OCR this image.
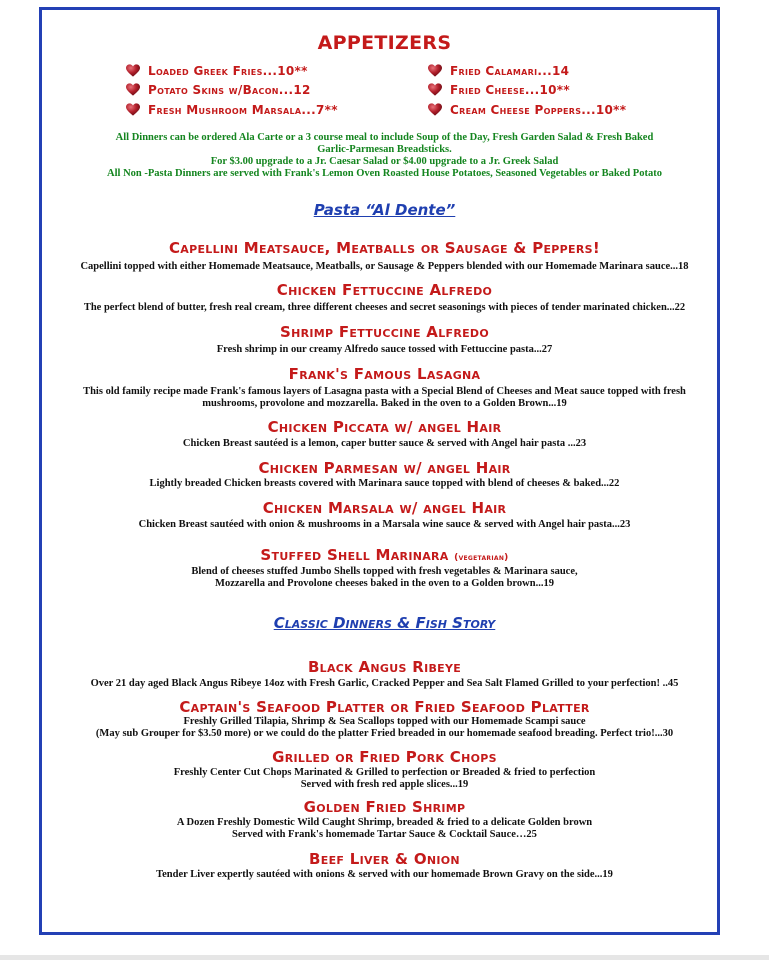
APPETIZERS
Loaded Greek Fries...10**
Potato Skins w/Bacon...12
Fresh Mushroom Marsala...7**
Fried Calamari...14
Fried Cheese...10**
Cream Cheese Poppers...10**
All Dinners can be ordered Ala Carte or a 3 course meal to include Soup of the Day, Fresh Garden Salad & Fresh Baked
Garlic-Parmesan Breadsticks.
For $3.00 upgrade to a Jr. Caesar Salad or $4.00 upgrade to a Jr. Greek Salad
All Non -Pasta Dinners are served with Frank's Lemon Oven Roasted House Potatoes, Seasoned Vegetables or Baked Potato
Pasta “Al Dente”
Capellini Meatsauce, Meatballs or Sausage & Peppers!
Capellini topped with either Homemade Meatsauce, Meatballs, or Sausage & Peppers blended with our Homemade Marinara sauce...18
Chicken Fettuccine Alfredo
The perfect blend of butter, fresh real cream, three different cheeses and secret seasonings with pieces of tender marinated chicken...22
Shrimp Fettuccine Alfredo
Fresh shrimp in our creamy Alfredo sauce tossed with Fettuccine pasta...27
Frank's Famous Lasagna
This old family recipe made Frank's famous layers of Lasagna pasta with a Special Blend of Cheeses and Meat sauce topped with fresh
mushrooms, provolone and mozzarella. Baked in the oven to a Golden Brown...19
Chicken Piccata w/ angel Hair
Chicken Breast sautéed is a lemon, caper butter sauce & served with Angel hair pasta ...23
Chicken Parmesan w/ angel Hair
Lightly breaded Chicken breasts covered with Marinara sauce topped with blend of cheeses & baked...22
Chicken Marsala w/ angel Hair
Chicken Breast sautéed with onion & mushrooms in a Marsala wine sauce & served with Angel hair pasta...23
Stuffed Shell Marinara (vegetarian)
Blend of cheeses stuffed Jumbo Shells topped with fresh vegetables & Marinara sauce,
Mozzarella and Provolone cheeses baked in the oven to a Golden brown...19
Classic Dinners & Fish Story
Black Angus Ribeye
Over 21 day aged Black Angus Ribeye 14oz with Fresh Garlic, Cracked Pepper and Sea Salt Flamed Grilled to your perfection! ..45
Captain's Seafood Platter or Fried Seafood Platter
Freshly Grilled Tilapia, Shrimp & Sea Scallops topped with our Homemade Scampi sauce
(May sub Grouper for $3.50 more) or we could do the platter Fried breaded in our homemade seafood breading. Perfect trio!...30
Grilled or Fried Pork Chops
Freshly Center Cut Chops Marinated & Grilled to perfection or Breaded & fried to perfection
Served with fresh red apple slices...19
Golden Fried Shrimp
A Dozen Freshly Domestic Wild Caught Shrimp, breaded & fried to a delicate Golden brown
Served with Frank's homemade Tartar Sauce & Cocktail Sauce…25
Beef Liver & Onion
Tender Liver expertly sautéed with onions & served with our homemade Brown Gravy on the side...19
